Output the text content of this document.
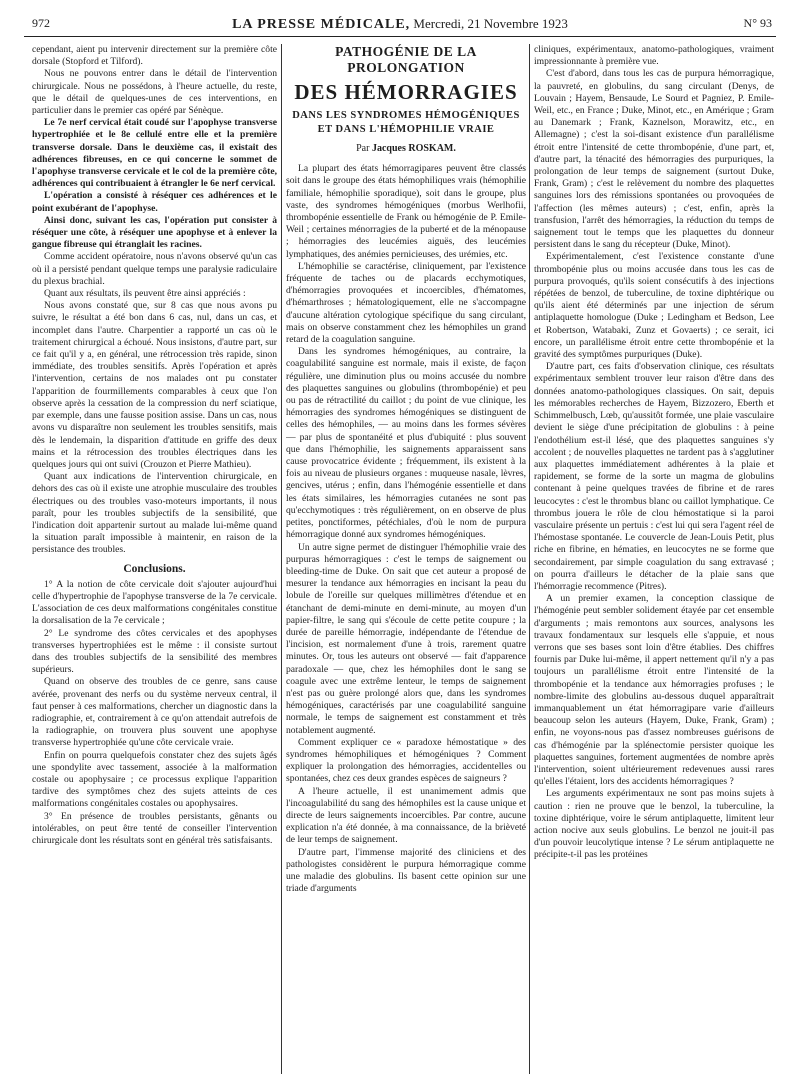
972	LA PRESSE MÉDICALE, Mercredi, 21 Novembre 1923	N° 93

cependant, aient pu intervenir directement sur la première côte dorsale (Stopford et Tilford).

Nous ne pouvons entrer dans le détail de l'intervention chirurgicale. Nous ne possédons, à l'heure actuelle, du reste, que le détail de quelques-unes de ces interventions, en particulier dans le premier cas opéré par Sénèque.

Le 7e nerf cervical était coudé sur l'apophyse transverse hypertrophiée et le 8e cellulé entre elle et la première transverse dorsale. Dans le deuxième cas, il existait des adhérences fibreuses, en ce qui concerne le sommet de l'apophyse transverse cervicale et le col de la première côte, adhérences qui contribuaient à étrangler le 6e nerf cervical.

L'opération a consisté à réséquer ces adhérences et le point exubérant de l'apophyse.

Ainsi donc, suivant les cas, l'opération put consister à réséquer une côte, à réséquer une apophyse et à enlever la gangue fibreuse qui étranglait les racines.

Comme accident opératoire, nous n'avons observé qu'un cas où il a persisté pendant quelque temps une paralysie radiculaire du plexus brachial.

Quant aux résultats, ils peuvent être ainsi appréciés :

Nous avons constaté que, sur 8 cas que nous avons pu suivre, le résultat a été bon dans 6 cas, nul, dans un cas, et incomplet dans l'autre. Charpentier a rapporté un cas où le traitement chirurgical a échoué. Nous insistons, d'autre part, sur ce fait qu'il y a, en général, une rétrocession très rapide, sinon immédiate, des troubles sensitifs. Après l'opération et après l'intervention, certains de nos malades ont pu constater l'apparition de fourmillements comparables à ceux que l'on observe après la cessation de la compression du nerf sciatique, par exemple, dans une fausse position assise. Dans un cas, nous avons vu disparaître non seulement les troubles sensitifs, mais dès le lendemain, la disparition d'attitude en griffe des deux mains et la rétrocession des troubles électriques dans les quelques jours qui ont suivi (Crouzon et Pierre Mathieu).

Quant aux indications de l'intervention chirurgicale, en dehors des cas où il existe une atrophie musculaire des troubles électriques ou des troubles vaso-moteurs importants, il nous paraît, pour les troubles subjectifs de la sensibilité, que l'indication doit appartenir surtout au malade lui-même quand la situation paraît impossible à maintenir, en raison de la persistance des troubles.

Conclusions.

1° A la notion de côte cervicale doit s'ajouter aujourd'hui celle d'hypertrophie de l'apophyse transverse de la 7e cervicale. L'association de ces deux malformations congénitales constitue la dorsalisation de la 7e cervicale ;

2° Le syndrome des côtes cervicales et des apophyses transverses hypertrophiées est le même : il consiste surtout dans des troubles subjectifs de la sensibilité des membres supérieurs.

Quand on observe des troubles de ce genre, sans cause avérée, provenant des nerfs ou du système nerveux central, il faut penser à ces malformations, chercher un diagnostic dans la radiographie, et, contrairement à ce qu'on attendait autrefois de la radiographie, on trouvera plus souvent une apophyse transverse hypertrophiée qu'une côte cervicale vraie.

Enfin on pourra quelquefois constater chez des sujets âgés une spondylite avec tassement, associée à la malformation costale ou apophysaire ; ce processus explique l'apparition tardive des symptômes chez des sujets atteints de ces malformations congénitales costales ou apophysaires.

3° En présence de troubles persistants, gênants ou intolérables, on peut être tenté de conseiller l'intervention chirurgicale dont les résultats sont en général très satisfaisants.

PATHOGÉNIE DE LA PROLONGATION
DES HÉMORRAGIES
DANS LES SYNDROMES HÉMOGÉNIQUES
ET DANS L'HÉMOPHILIE VRAIE
Par Jacques ROSKAM.

La plupart des états hémorragipares peuvent être classés soit dans le groupe des états hémophiliques vrais (hémophilie familiale, hémophilie sporadique), soit dans le groupe, plus vaste, des syndromes hémogéniques (morbus Werlhofii, thrombopénie essentielle de Frank ou hémogénie de P. Emile-Weil ; certaines ménorragies de la puberté et de la ménopause ; hémorragies des leucémies aiguës, des leucémies lymphatiques, des anémies pernicieuses, des urémies, etc.

L'hémophilie se caractérise, cliniquement, par l'existence fréquente de taches ou de placards ecchymotiques, d'hémorragies provoquées et incoercibles, d'hématomes, d'hémarthroses ; hématologiquement, elle ne s'accompagne d'aucune altération cytologique spécifique du sang circulant, mais on observe constamment chez les hémophiles un grand retard de la coagulation sanguine.

Dans les syndromes hémogéniques, au contraire, la coagulabilité sanguine est normale, mais il existe, de façon régulière, une diminution plus ou moins accusée du nombre des plaquettes sanguines ou globulins (thrombopénie) et peu ou pas de rétractilité du caillot ; du point de vue clinique, les hémorragies des syndromes hémogéniques se distinguent de celles des hémophiles, — au moins dans les formes sévères — par plus de spontanéité et plus d'ubiquité : plus souvent que dans l'hémophilie, les saignements apparaissent sans cause provocatrice évidente ; fréquemment, ils existent à la fois au niveau de plusieurs organes : muqueuse nasale, lèvres, gencives, utérus ; enfin, dans l'hémogénie essentielle et dans les états similaires, les hémorragies cutanées ne sont pas qu'ecchymotiques : très régulièrement, on en observe de plus petites, ponctiformes, pétéchiales, d'où le nom de purpura hémorragique donné aux syndromes hémogéniques.

Un autre signe permet de distinguer l'hémophilie vraie des purpuras hémorragiques : c'est le temps de saignement ou bleeding-time de Duke. On sait que cet auteur a proposé de mesurer la tendance aux hémorragies en incisant la peau du lobule de l'oreille sur quelques millimètres d'étendue et en étanchant de demi-minute en demi-minute, au moyen d'un papier-filtre, le sang qui s'écoule de cette petite coupure ; la durée de pareille hémorragie, indépendante de l'étendue de l'incision, est normalement d'une à trois, rarement quatre minutes. Or, tous les auteurs ont observé — fait d'apparence paradoxale — que, chez les hémophiles dont le sang se coagule avec une extrême lenteur, le temps de saignement n'est pas ou guère prolongé alors que, dans les syndromes hémogéniques, caractérisés par une coagulabilité sanguine normale, le temps de saignement est constamment et très notablement augmenté.

Comment expliquer ce « paradoxe hémostatique » des syndromes hémophiliques et hémogéniques ? Comment expliquer la prolongation des hémorragies, accidentelles ou spontanées, chez ces deux grandes espèces de saigneurs ?

A l'heure actuelle, il est unanimement admis que l'incoagulabilité du sang des hémophiles est la cause unique et directe de leurs saignements incoercibles. Par contre, aucune explication n'a été donnée, à ma connaissance, de la brièveté de leur temps de saignement.

D'autre part, l'immense majorité des cliniciens et des pathologistes considèrent le purpura hémorragique comme une maladie des globulins. Ils basent cette opinion sur une triade d'arguments

cliniques, expérimentaux, anatomo-pathologiques, vraiment impressionnante à première vue.

C'est d'abord, dans tous les cas de purpura hémorragique, la pauvreté, en globulins, du sang circulant (Denys, de Louvain ; Hayem, Bensaude, Le Sourd et Pagniez, P. Emile-Weil, etc., en France ; Duke, Minot, etc., en Amérique ; Gram au Danemark ; Frank, Kaznelson, Morawitz, etc., en Allemagne) ; c'est la soi-disant existence d'un parallélisme étroit entre l'intensité de cette thrombopénie, d'une part, et, d'autre part, la ténacité des hémorragies des purpuriques, la prolongation de leur temps de saignement (surtout Duke, Frank, Gram) ; c'est le relèvement du nombre des plaquettes sanguines lors des rémissions spontanées ou provoquées de l'affection (les mêmes auteurs) ; c'est, enfin, après la transfusion, l'arrêt des hémorragies, la réduction du temps de saignement tout le temps que les plaquettes du donneur persistent dans le sang du récepteur (Duke, Minot).

Expérimentalement, c'est l'existence constante d'une thrombopénie plus ou moins accusée dans tous les cas de purpura provoqués, qu'ils soient consécutifs à des injections répétées de benzol, de tuberculine, de toxine diphtérique ou qu'ils aient été déterminés par une injection de sérum antiplaquette homologue (Duke ; Ledingham et Bedson, Lee et Robertson, Watabaki, Zunz et Govaerts) ; ce serait, ici encore, un parallélisme étroit entre cette thrombopénie et la gravité des symptômes purpuriques (Duke).

D'autre part, ces faits d'observation clinique, ces résultats expérimentaux semblent trouver leur raison d'être dans des données anatomo-pathologiques classiques. On sait, depuis les mémorables recherches de Hayem, Bizzozero, Eberth et Schimmelbusch, Lœb, qu'aussitôt formée, une plaie vasculaire devient le siège d'une précipitation de globulins : à peine l'endothélium est-il lésé, que des plaquettes sanguines s'y accolent ; de nouvelles plaquettes ne tardent pas à s'agglutiner aux plaquettes immédiatement adhérentes à la plaie et rapidement, se forme de la sorte un magma de globulins contenant à peine quelques travées de fibrine et de rares leucocytes : c'est le thrombus blanc ou caillot lymphatique. Ce thrombus jouera le rôle de clou hémostatique si la paroi vasculaire présente un pertuis : c'est lui qui sera l'agent réel de l'hémostase spontanée. Le couvercle de Jean-Louis Petit, plus riche en fibrine, en hématies, en leucocytes ne se forme que secondairement, par simple coagulation du sang extravasé ; on pourra d'ailleurs le détacher de la plaie sans que l'hémorragie recommence (Pitres).

A un premier examen, la conception classique de l'hémogénie peut sembler solidement étayée par cet ensemble d'arguments ; mais remontons aux sources, analysons les travaux fondamentaux sur lesquels elle s'appuie, et nous verrons que ses bases sont loin d'être établies. Des chiffres fournis par Duke lui-même, il appert nettement qu'il n'y a pas toujours un parallélisme étroit entre l'intensité de la thrombopénie et la tendance aux hémorragies profuses ; le nombre-limite des globulins au-dessous duquel apparaîtrait immanquablement un état hémorragipare varie d'ailleurs beaucoup selon les auteurs (Hayem, Duke, Frank, Gram) ; enfin, ne voyons-nous pas d'assez nombreuses guérisons de cas d'hémogénie par la splénectomie persister quoique les plaquettes sanguines, fortement augmentées de nombre après l'intervention, soient ultérieurement redevenues aussi rares qu'elles l'étaient, lors des accidents hémorragiques ?

Les arguments expérimentaux ne sont pas moins sujets à caution : rien ne prouve que le benzol, la tuberculine, la toxine diphtérique, voire le sérum antiplaquette, limitent leur action nocive aux seuls globulins. Le benzol ne jouit-il pas d'un pouvoir leucolytique intense ? Le sérum antiplaquette ne précipite-t-il pas les protéines
